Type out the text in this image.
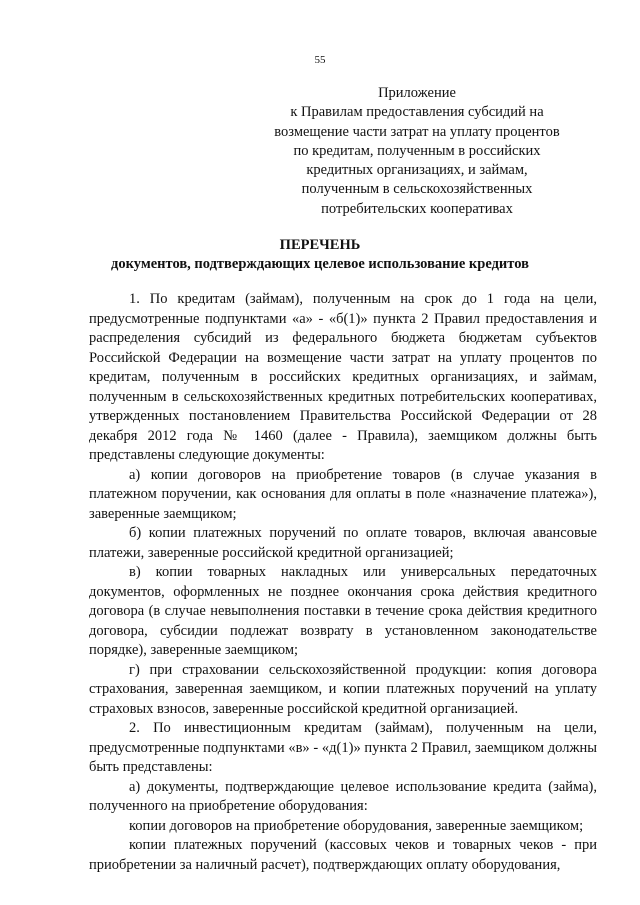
55
Приложение
к Правилам предоставления субсидий на
возмещение части затрат на уплату процентов
по кредитам, полученным в российских
кредитных организациях, и займам,
полученным в сельскохозяйственных
потребительских кооперативах
ПЕРЕЧЕНЬ
документов, подтверждающих целевое использование кредитов

1. По кредитам (займам), полученным на срок до 1 года на цели, предусмотренные подпунктами «а» - «б(1)» пункта 2 Правил предоставления и распределения субсидий из федерального бюджета бюджетам субъектов Российской Федерации на возмещение части затрат на уплату процентов по кредитам, полученным в российских кредитных организациях, и займам, полученным в сельскохозяйственных кредитных потребительских кооперативах, утвержденных постановлением Правительства Российской Федерации от 28 декабря 2012 года № 1460 (далее - Правила), заемщиком должны быть представлены следующие документы:

а) копии договоров на приобретение товаров (в случае указания в платежном поручении, как основания для оплаты в поле «назначение платежа»), заверенные заемщиком;

б) копии платежных поручений по оплате товаров, включая авансовые платежи, заверенные российской кредитной организацией;

в) копии товарных накладных или универсальных передаточных документов, оформленных не позднее окончания срока действия кредитного договора (в случае невыполнения поставки в течение срока действия кредитного договора, субсидии подлежат возврату в установленном законодательстве порядке), заверенные заемщиком;

г) при страховании сельскохозяйственной продукции: копия договора страхования, заверенная заемщиком, и копии платежных поручений на уплату страховых взносов, заверенные российской кредитной организацией.

2. По инвестиционным кредитам (займам), полученным на цели, предусмотренные подпунктами «в» - «д(1)» пункта 2 Правил, заемщиком должны быть представлены:

а) документы, подтверждающие целевое использование кредита (займа), полученного на приобретение оборудования:

копии договоров на приобретение оборудования, заверенные заемщиком;

копии платежных поручений (кассовых чеков и товарных чеков - при приобретении за наличный расчет), подтверждающих оплату оборудования,
